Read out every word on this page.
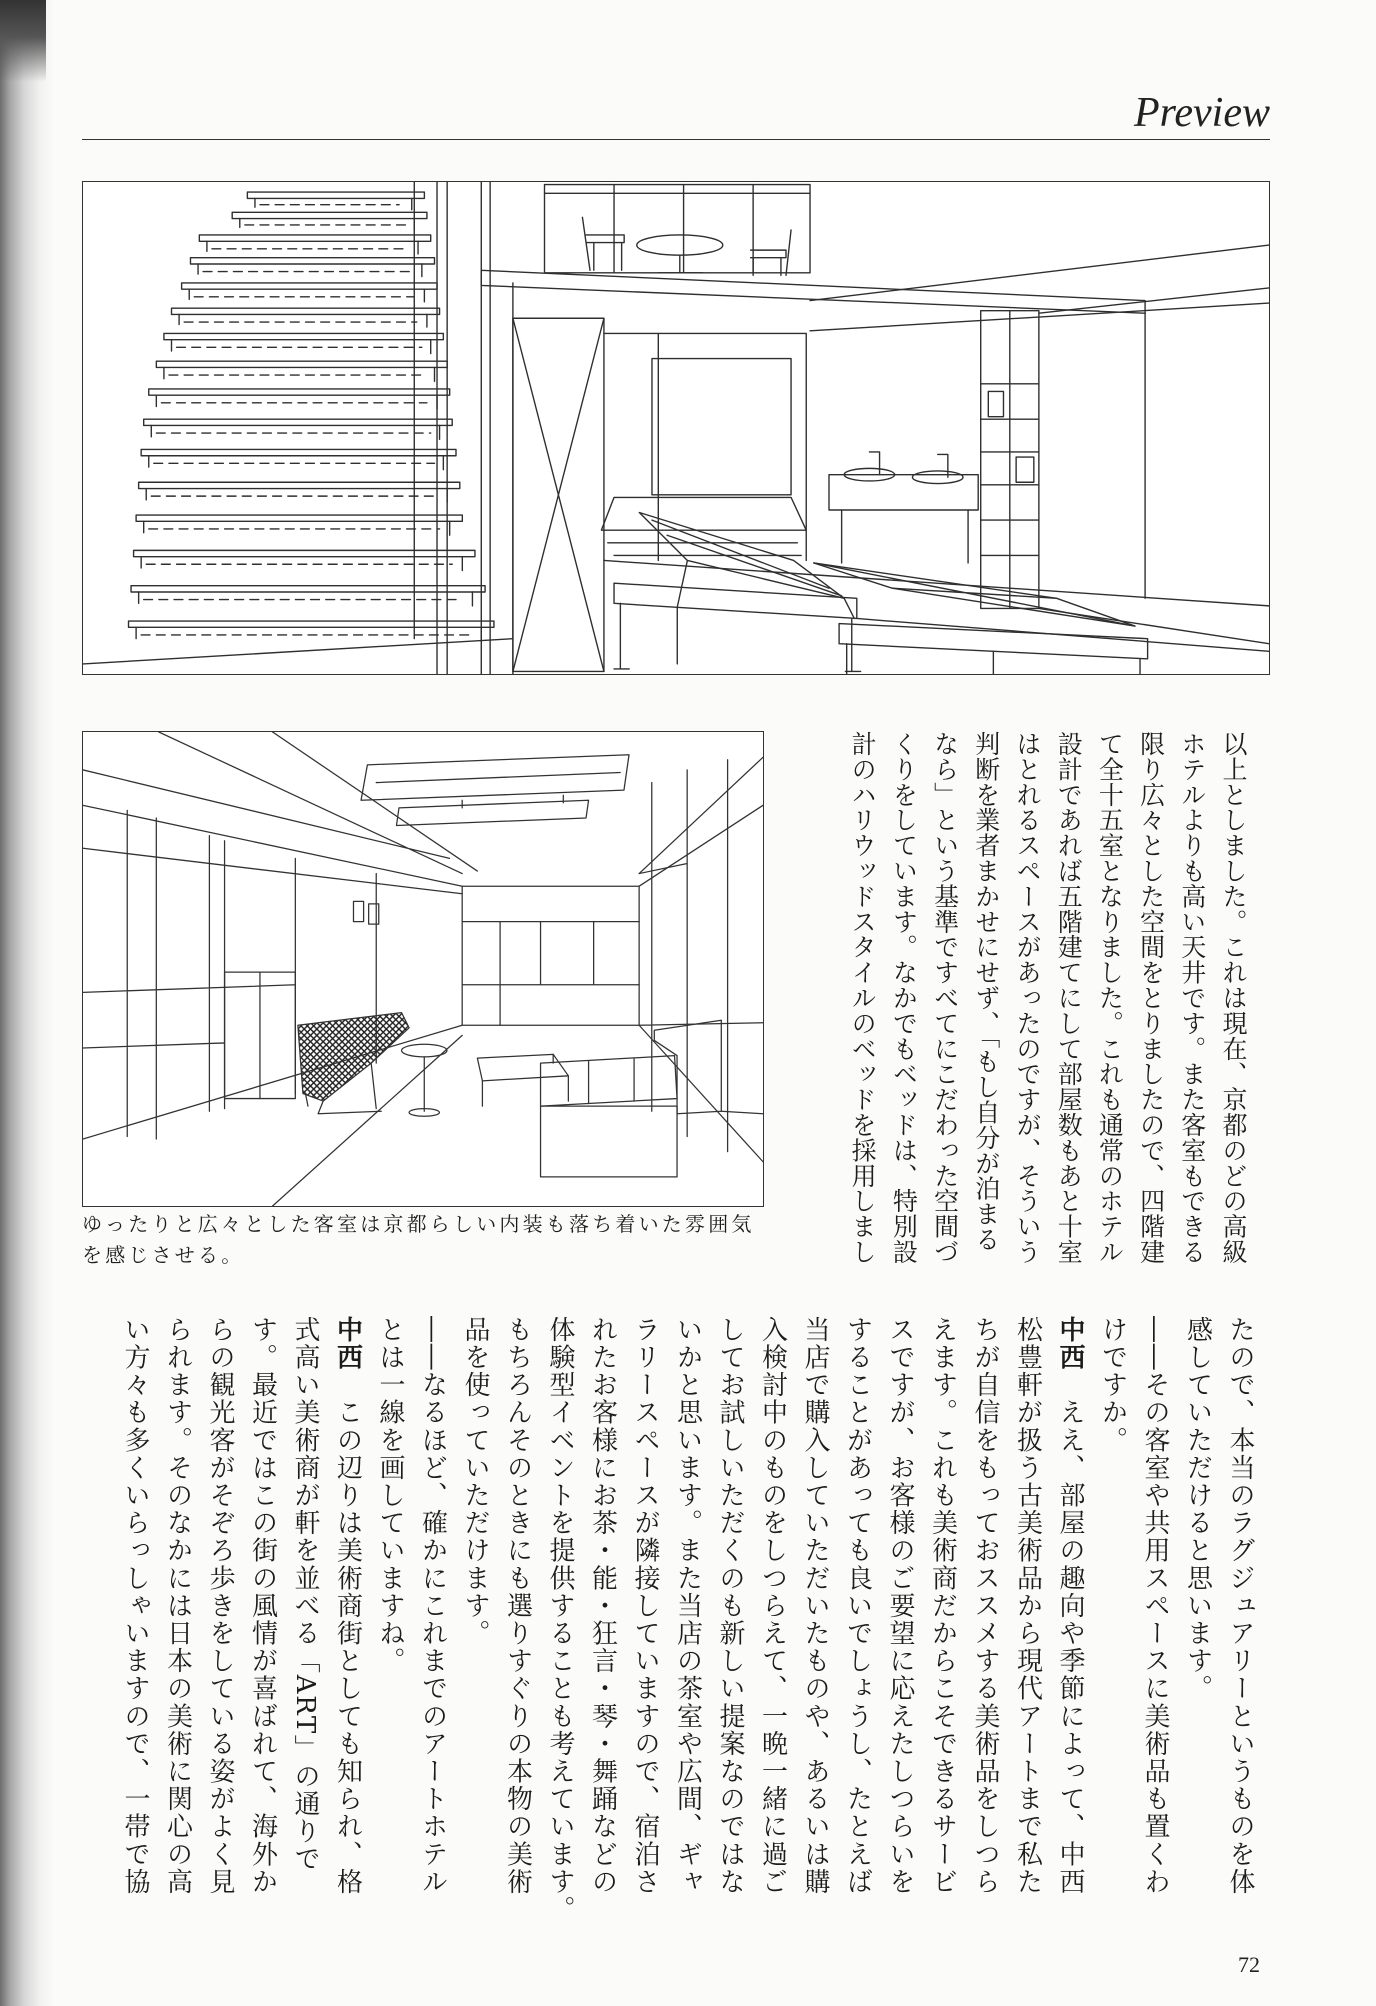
Preview
ゆったりと広々とした客室は京都らしい内装も落ち着いた雰囲気
を感じさせる。	以上としました。これは現在、京都のどの高級
ホテルよりも高い天井です。また客室もできる
限り広々とした空間をとりましたので、四階建
て全十五室となりました。これも通常のホテル
設計であれば五階建てにして部屋数もあと十室
はとれるスペースがあったのですが、そういう
判断を業者まかせにせず、「もし自分が泊まる
なら」という基準ですべてにこだわった空間づ
くりをしています。なかでもベッドは、特別設
計のハリウッドスタイルのベッドを採用しまし
たので、本当のラグジュアリーというものを体
感していただけると思います。
――その客室や共用スペースに美術品も置くわ
けですか。
中西　ええ、部屋の趣向や季節によって、中西
松豊軒が扱う古美術品から現代アートまで私た
ちが自信をもっておススメする美術品をしつら
えます。これも美術商だからこそできるサービ
スですが、お客様のご要望に応えたしつらいを
することがあっても良いでしょうし、たとえば
当店で購入していただいたものや、あるいは購
入検討中のものをしつらえて、一晩一緒に過ご
してお試しいただくのも新しい提案なのではな
いかと思います。また当店の茶室や広間、ギャ
ラリースペースが隣接していますので、宿泊さ
れたお客様にお茶・能・狂言・琴・舞踊などの
体験型イベントを提供することも考えています。
もちろんそのときにも選りすぐりの本物の美術
品を使っていただけます。
――なるほど、確かにこれまでのアートホテル
とは一線を画していますね。
中西　この辺りは美術商街としても知られ、格
式高い美術商が軒を並べる「ART」の通りで
す。最近ではこの街の風情が喜ばれて、海外か
らの観光客がそぞろ歩きをしている姿がよく見
られます。そのなかには日本の美術に関心の高
い方々も多くいらっしゃいますので、一帯で協
72
